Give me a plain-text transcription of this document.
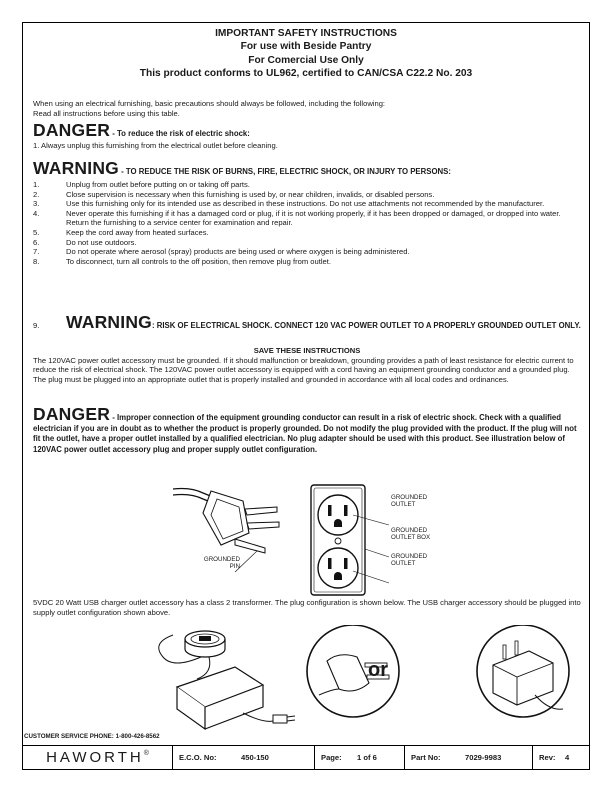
IMPORTANT SAFETY INSTRUCTIONS
For use with Beside Pantry
For Comercial Use Only
This product conforms to UL962, certified to CAN/CSA C22.2 No. 203
When using an electrical furnishing, basic precautions should always be followed, including the following:
Read all instructions before using this table.
DANGER - To reduce the risk of electric shock:
1. Always unplug this furnishing from the electrical outlet before cleaning.
WARNING - TO REDUCE THE RISK OF BURNS, FIRE, ELECTRIC SHOCK, OR INJURY TO PERSONS:
1.	Unplug from outlet before putting on or taking off parts.
2.	Close supervision is necessary when this furnishing is used by, or near children, invalids, or disabled persons.
3.	Use this furnishing only for its intended use as described in these instructions. Do not use attachments not recommended by the manufacturer.
4.	Never operate this furnishing if it has a damaged cord or plug, if it is not working properly, if it has been dropped or damaged, or dropped into water. Return the furnishing to a service center for examination and repair.
5.	Keep the cord away from heated surfaces.
6.	Do not use outdoors.
7.	Do not operate where aerosol (spray) products are being used or where oxygen is being administered.
8.	To disconnect, turn all controls to the off position, then remove plug from outlet.
9.	WARNING: RISK OF ELECTRICAL SHOCK. CONNECT 120 VAC POWER OUTLET TO A PROPERLY GROUNDED OUTLET ONLY.
SAVE THESE INSTRUCTIONS
The 120VAC power outlet accessory must be grounded. If it should malfunction or breakdown, grounding provides a path of least resistance for electric current to reduce the risk of electrical shock. The 120VAC power outlet accessory is equipped with a cord having an equipment grounding conductor and a grounded plug. The plug must be plugged into an appropriate outlet that is properly installed and grounded in accordance with all local codes and ordinances.
DANGER - Improper connection of the equipment grounding conductor can result in a risk of electric shock. Check with a qualified electrician if you are in doubt as to whether the product is properly grounded. Do not modify the plug provided with the product. If the plug will not fit the outlet, have a proper outlet installed by a qualified electrician. No plug adapter should be used with this product. See illustration below of 120VAC power outlet accessory plug and proper supply outlet configuration.
GROUNDED
PIN
GROUNDED
OUTLET
GROUNDED
OUTLET BOX
GROUNDED
OUTLET
5VDC 20 Watt USB charger outlet accessory has a class 2 transformer. The plug configuration is shown below. The USB charger accessory should be plugged into supply outlet configuration shown above.
or
CUSTOMER SERVICE PHONE: 1-800-426-8562
HAWORTH ®	E.C.O. No:	450-150	Page:	1 of 6	Part No:	7029-9983	Rev:	4
